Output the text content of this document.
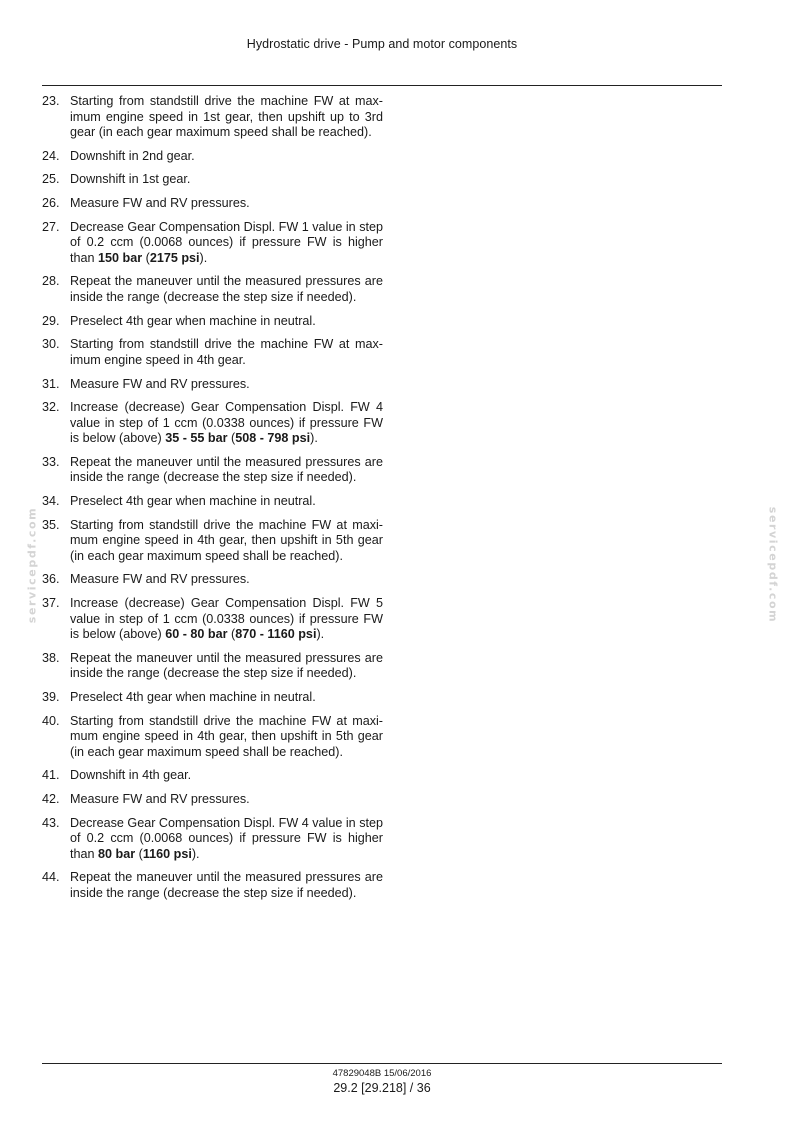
Hydrostatic drive - Pump and motor components
23. Starting from standstill drive the machine FW at maximum engine speed in 1st gear, then upshift up to 3rd gear (in each gear maximum speed shall be reached).
24. Downshift in 2nd gear.
25. Downshift in 1st gear.
26. Measure FW and RV pressures.
27. Decrease Gear Compensation Displ. FW 1 value in step of 0.2 ccm (0.0068 ounces) if pressure FW is higher than 150 bar (2175 psi).
28. Repeat the maneuver until the measured pressures are inside the range (decrease the step size if needed).
29. Preselect 4th gear when machine in neutral.
30. Starting from standstill drive the machine FW at maximum engine speed in 4th gear.
31. Measure FW and RV pressures.
32. Increase (decrease) Gear Compensation Displ. FW 4 value in step of 1 ccm (0.0338 ounces) if pressure FW is below (above) 35 - 55 bar (508 - 798 psi).
33. Repeat the maneuver until the measured pressures are inside the range (decrease the step size if needed).
34. Preselect 4th gear when machine in neutral.
35. Starting from standstill drive the machine FW at maximum engine speed in 4th gear, then upshift in 5th gear (in each gear maximum speed shall be reached).
36. Measure FW and RV pressures.
37. Increase (decrease) Gear Compensation Displ. FW 5 value in step of 1 ccm (0.0338 ounces) if pressure FW is below (above) 60 - 80 bar (870 - 1160 psi).
38. Repeat the maneuver until the measured pressures are inside the range (decrease the step size if needed).
39. Preselect 4th gear when machine in neutral.
40. Starting from standstill drive the machine FW at maximum engine speed in 4th gear, then upshift in 5th gear (in each gear maximum speed shall be reached).
41. Downshift in 4th gear.
42. Measure FW and RV pressures.
43. Decrease Gear Compensation Displ. FW 4 value in step of 0.2 ccm (0.0068 ounces) if pressure FW is higher than 80 bar (1160 psi).
44. Repeat the maneuver until the measured pressures are inside the range (decrease the step size if needed).
servicepdf.com	servicepdf.com
47829048B 15/06/2016
29.2 [29.218] / 36
